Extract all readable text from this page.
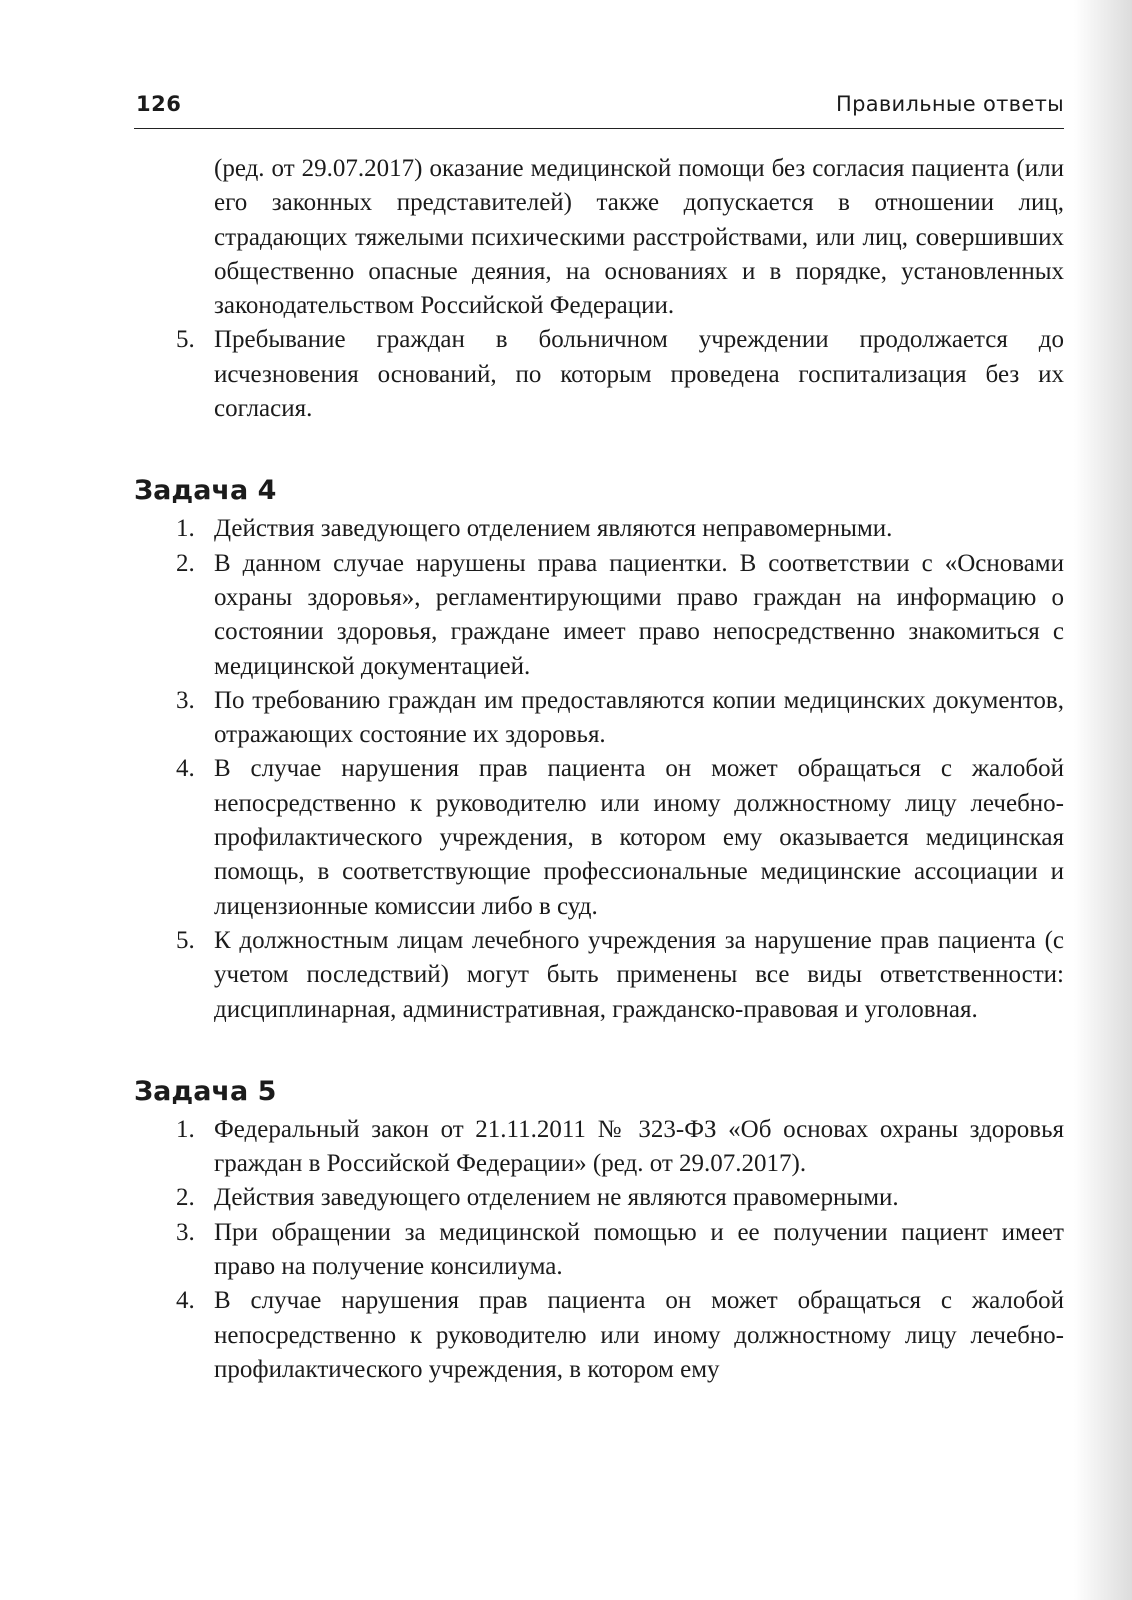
126	Правильные ответы

(ред. от 29.07.2017) оказание медицинской помощи без согласия пациента (или его законных представителей) также допускается в отношении лиц, страдающих тяжелыми психическими расстройствами, или лиц, совершивших общественно опасные деяния, на основаниях и в порядке, установленных законодательством Российской Федерации.

5. Пребывание граждан в больничном учреждении продолжается до исчезновения оснований, по которым проведена госпитализация без их согласия.
Задача 4
1. Действия заведующего отделением являются неправомерными.
2. В данном случае нарушены права пациентки. В соответствии с «Основами охраны здоровья», регламентирующими право граждан на информацию о состоянии здоровья, граждане имеет право непосредственно знакомиться с медицинской документацией.
3. По требованию граждан им предоставляются копии медицинских документов, отражающих состояние их здоровья.
4. В случае нарушения прав пациента он может обращаться с жалобой непосредственно к руководителю или иному должностному лицу лечебно-профилактического учреждения, в котором ему оказывается медицинская помощь, в соответствующие профессиональные медицинские ассоциации и лицензионные комиссии либо в суд.
5. К должностным лицам лечебного учреждения за нарушение прав пациента (с учетом последствий) могут быть применены все виды ответственности: дисциплинарная, административная, гражданско-правовая и уголовная.
Задача 5
1. Федеральный закон от 21.11.2011 № 323-ФЗ «Об основах охраны здоровья граждан в Российской Федерации» (ред. от 29.07.2017).
2. Действия заведующего отделением не являются правомерными.
3. При обращении за медицинской помощью и ее получении пациент имеет право на получение консилиума.
4. В случае нарушения прав пациента он может обращаться с жалобой непосредственно к руководителю или иному должностному лицу лечебно-профилактического учреждения, в котором ему
